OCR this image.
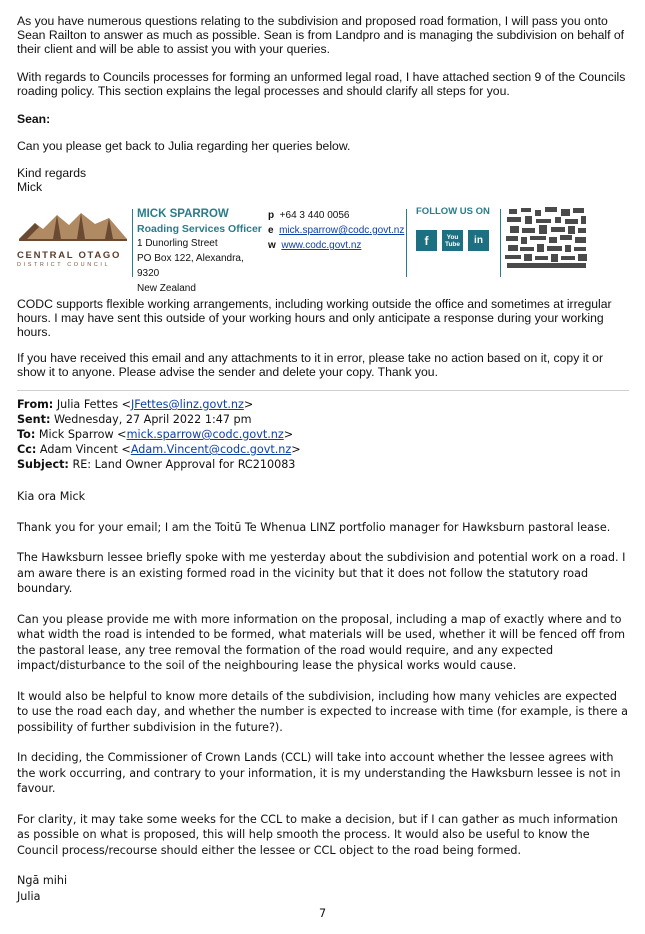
As you have numerous questions relating to the subdivision and proposed road formation, I will pass you onto Sean Railton to answer as much as possible. Sean is from Landpro and is managing the subdivision on behalf of their client and will be able to assist you with your queries.

With regards to Councils processes for forming an unformed legal road, I have attached section 9 of the Councils roading policy. This section explains the legal processes and should clarify all steps for you.

Sean:

Can you please get back to Julia regarding her queries below.

Kind regards

Mick

CENTRAL OTAGO
DISTRICT COUNCIL
MICK SPARROW
Roading Services Officer
1 Dunorling Street
PO Box 122, Alexandra, 9320
New Zealand
p +64 3 440 0056
e mick.sparrow@codc.govt.nz
w www.codc.govt.nz
FOLLOW US ON
f	You Tube	in

CODC supports flexible working arrangements, including working outside the office and sometimes at irregular hours. I may have sent this outside of your working hours and only anticipate a response during your working hours.

If you have received this email and any attachments to it in error, please take no action based on it, copy it or show it to anyone. Please advise the sender and delete your copy. Thank you.

From: Julia Fettes <JFettes@linz.govt.nz>
Sent: Wednesday, 27 April 2022 1:47 pm
To: Mick Sparrow <mick.sparrow@codc.govt.nz>
Cc: Adam Vincent <Adam.Vincent@codc.govt.nz>
Subject: RE: Land Owner Approval for RC210083

Kia ora Mick

Thank you for your email; I am the Toitū Te Whenua LINZ portfolio manager for Hawksburn pastoral lease.

The Hawksburn lessee briefly spoke with me yesterday about the subdivision and potential work on a road. I am aware there is an existing formed road in the vicinity but that it does not follow the statutory road boundary.

Can you please provide me with more information on the proposal, including a map of exactly where and to what width the road is intended to be formed, what materials will be used, whether it will be fenced off from the pastoral lease, any tree removal the formation of the road would require, and any expected impact/disturbance to the soil of the neighbouring lease the physical works would cause.

It would also be helpful to know more details of the subdivision, including how many vehicles are expected to use the road each day, and whether the number is expected to increase with time (for example, is there a possibility of further subdivision in the future?).

In deciding, the Commissioner of Crown Lands (CCL) will take into account whether the lessee agrees with the work occurring, and contrary to your information, it is my understanding the Hawksburn lessee is not in favour.

For clarity, it may take some weeks for the CCL to make a decision, but if I can gather as much information as possible on what is proposed, this will help smooth the process. It would also be useful to know the Council process/recourse should either the lessee or CCL object to the road being formed.

Ngā mihi

Julia

7
